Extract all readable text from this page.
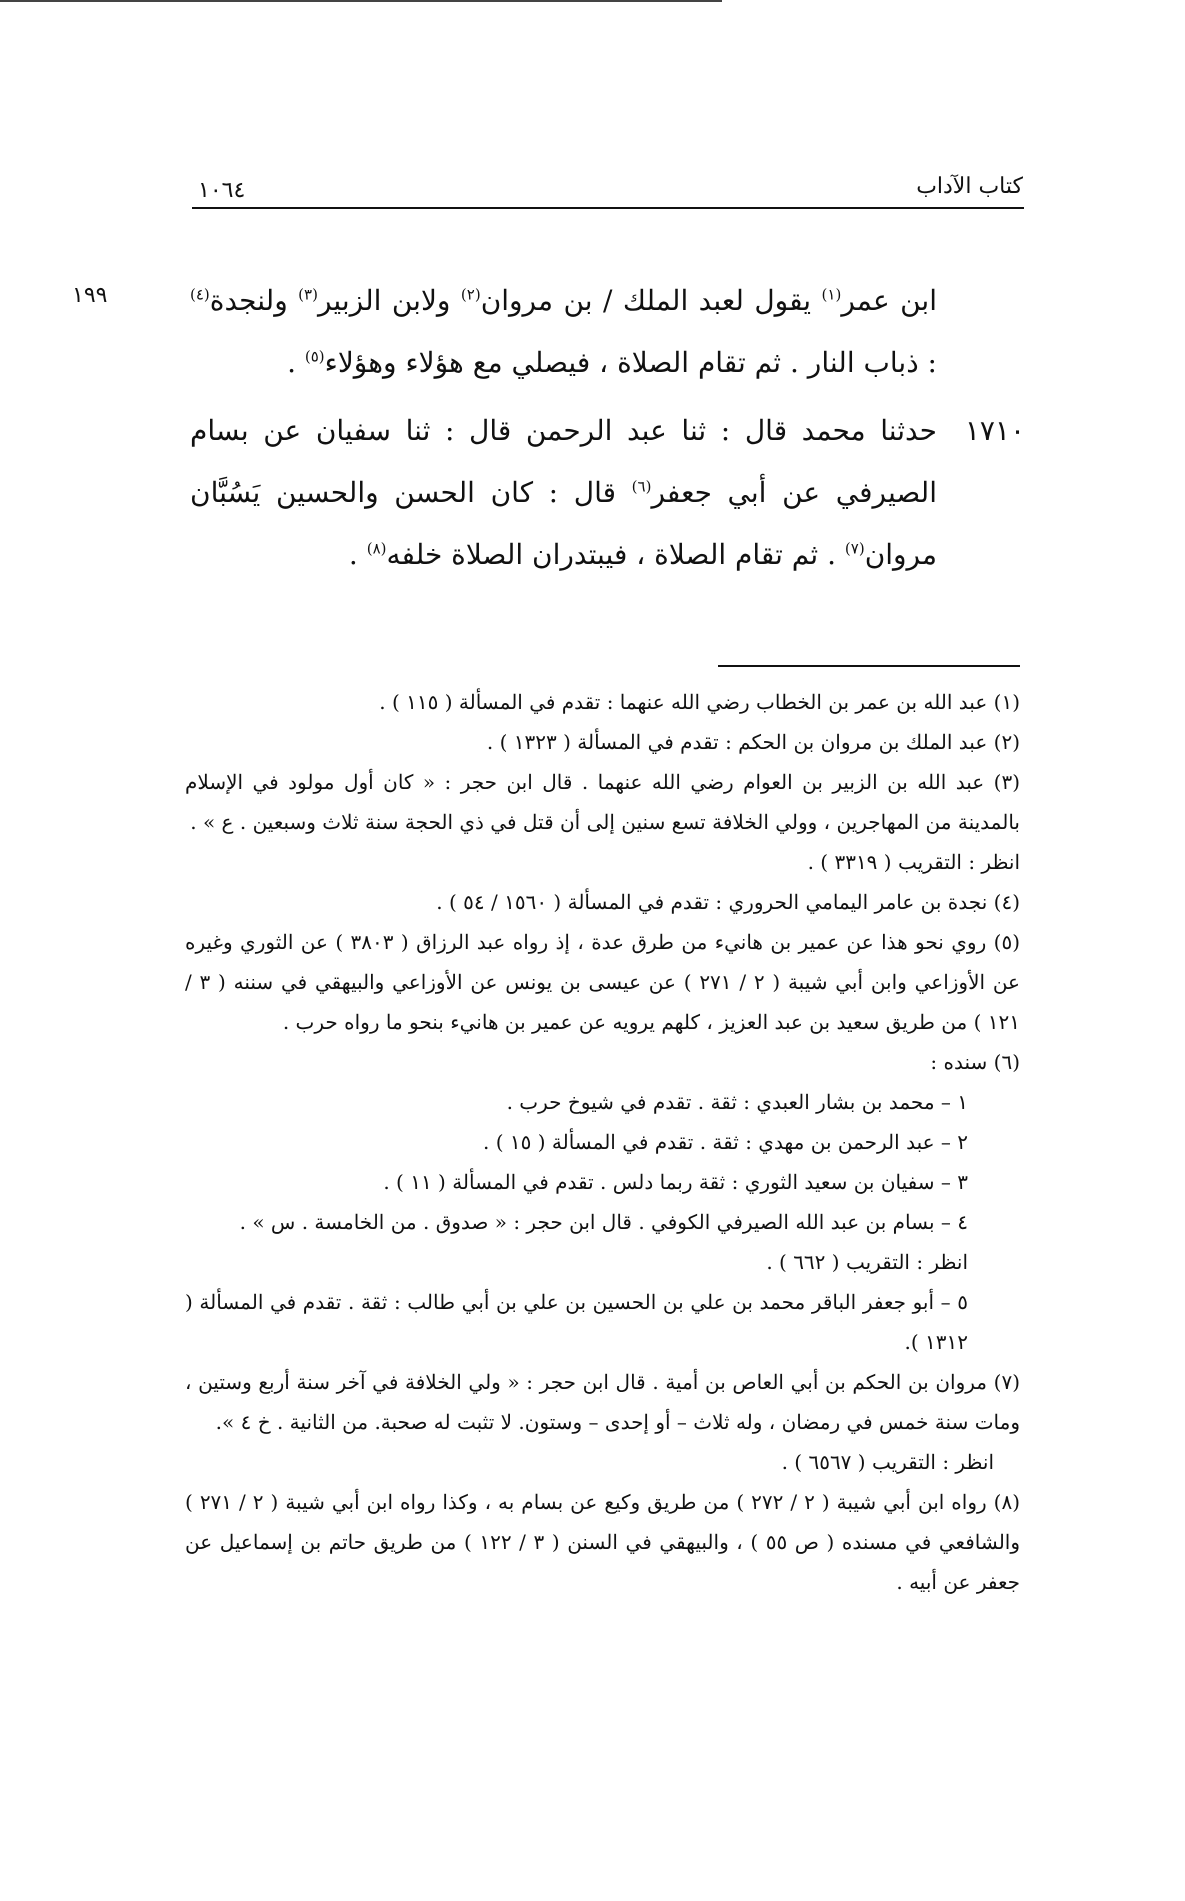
كتاب الآداب
١٠٦٤
١٩٩	ابن عمر$^{(١)}$ يقول لعبد الملك / بن مروان$^{(٢)}$ ولابن الزبير$^{(٣)}$ ولنجدة$^{(٤)}$ : ذباب النار . ثم تقام الصلاة ، فيصلي مع هؤلاء وهؤلاء$^{(٥)}$ .

١٧١٠
حدثنا محمد قال : ثنا عبد الرحمن قال : ثنا سفيان عن بسام الصيرفي عن أبي جعفر$^{(٦)}$ قال : كان الحسن والحسين يَسُبَّان مروان$^{(٧)}$ . ثم تقام الصلاة ، فيبتدران الصلاة خلفه$^{(٨)}$ .

(١) عبد الله بن عمر بن الخطاب رضي الله عنهما : تقدم في المسألة ( ١١٥ ) .

(٢) عبد الملك بن مروان بن الحكم : تقدم في المسألة ( ١٣٢٣ ) .

(٣) عبد الله بن الزبير بن العوام رضي الله عنهما . قال ابن حجر : « كان أول مولود في الإسلام بالمدينة من المهاجرين ، وولي الخلافة تسع سنين إلى أن قتل في ذي الحجة سنة ثلاث وسبعين . ع » .

انظر : التقريب ( ٣٣١٩ ) .

(٤) نجدة بن عامر اليمامي الحروري : تقدم في المسألة ( ١٥٦٠ / ٥٤ ) .

(٥) روي نحو هذا عن عمير بن هانيء من طرق عدة ، إذ رواه عبد الرزاق ( ٣٨٠٣ ) عن الثوري وغيره عن الأوزاعي وابن أبي شيبة ( ٢ / ٢٧١ ) عن عيسى بن يونس عن الأوزاعي والبيهقي في سننه ( ٣ / ١٢١ ) من طريق سعيد بن عبد العزيز ، كلهم يرويه عن عمير بن هانيء بنحو ما رواه حرب .

(٦) سنده :

١ – محمد بن بشار العبدي : ثقة . تقدم في شيوخ حرب .

٢ – عبد الرحمن بن مهدي : ثقة . تقدم في المسألة ( ١٥ ) .

٣ – سفيان بن سعيد الثوري : ثقة ربما دلس . تقدم في المسألة ( ١١ ) .

٤ – بسام بن عبد الله الصيرفي الكوفي . قال ابن حجر : « صدوق . من الخامسة . س » .

انظر : التقريب ( ٦٦٢ ) .

٥ – أبو جعفر الباقر محمد بن علي بن الحسين بن علي بن أبي طالب : ثقة . تقدم في المسألة ( ١٣١٢ ).

(٧) مروان بن الحكم بن أبي العاص بن أمية . قال ابن حجر : « ولي الخلافة في آخر سنة أربع وستين ، ومات سنة خمس في رمضان ، وله ثلاث – أو إحدى – وستون. لا تثبت له صحبة. من الثانية . خ ٤ ».

انظر : التقريب ( ٦٥٦٧ ) .

(٨) رواه ابن أبي شيبة ( ٢ / ٢٧٢ ) من طريق وكيع عن بسام به ، وكذا رواه ابن أبي شيبة ( ٢ / ٢٧١ ) والشافعي في مسنده ( ص ٥٥ ) ، والبيهقي في السنن ( ٣ / ١٢٢ ) من طريق حاتم بن إسماعيل عن جعفر عن أبيه .
